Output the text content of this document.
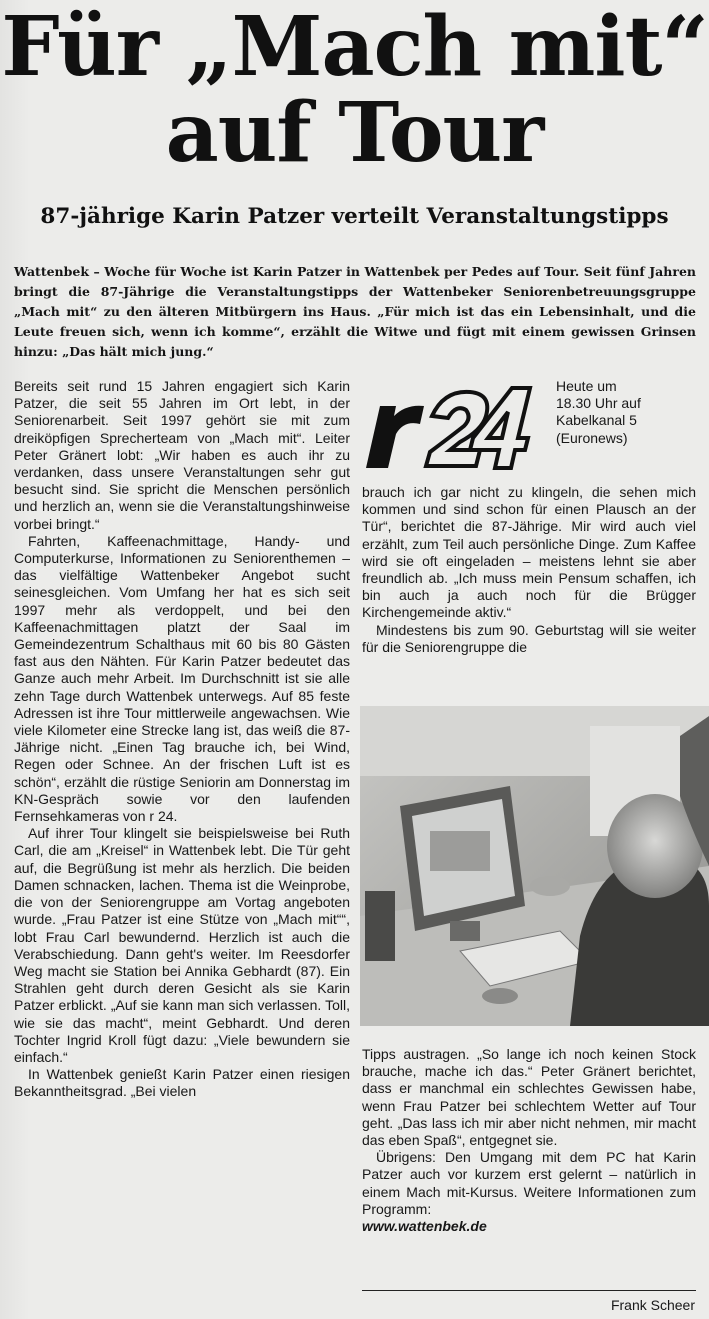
Für „Mach mit“
auf Tour
87-jährige Karin Patzer verteilt Veranstaltungstipps
Wattenbek – Woche für Woche ist Karin Patzer in Wattenbek per Pedes auf Tour. Seit fünf Jahren bringt die 87-Jährige die Veranstaltungstipps der Wattenbeker Seniorenbetreuungsgruppe „Mach mit“ zu den älteren Mitbürgern ins Haus. „Für mich ist das ein Lebensinhalt, und die Leute freuen sich, wenn ich komme“, erzählt die Witwe und fügt mit einem gewissen Grinsen hinzu: „Das hält mich jung.“

Bereits seit rund 15 Jahren engagiert sich Karin Patzer, die seit 55 Jahren im Ort lebt, in der Seniorenarbeit. Seit 1997 gehört sie mit zum dreiköpfigen Sprecherteam von „Mach mit“. Leiter Peter Gränert lobt: „Wir haben es auch ihr zu verdanken, dass unsere Veranstaltungen sehr gut besucht sind. Sie spricht die Menschen persönlich und herzlich an, wenn sie die Veranstaltungshinweise vorbei bringt.“

Fahrten, Kaffeenachmittage, Handy- und Computerkurse, Informationen zu Seniorenthemen – das vielfältige Wattenbeker Angebot sucht seinesgleichen. Vom Umfang her hat es sich seit 1997 mehr als verdoppelt, und bei den Kaffeenachmittagen platzt der Saal im Gemeindezentrum Schalthaus mit 60 bis 80 Gästen fast aus den Nähten. Für Karin Patzer bedeutet das Ganze auch mehr Arbeit. Im Durchschnitt ist sie alle zehn Tage durch Wattenbek unterwegs. Auf 85 feste Adressen ist ihre Tour mittlerweile angewachsen. Wie viele Kilometer eine Strecke lang ist, das weiß die 87-Jährige nicht. „Einen Tag brauche ich, bei Wind, Regen oder Schnee. An der frischen Luft ist es schön“, erzählt die rüstige Seniorin am Donnerstag im KN-Gespräch sowie vor den laufenden Fernsehkameras von r 24.

Auf ihrer Tour klingelt sie beispielsweise bei Ruth Carl, die am „Kreisel“ in Wattenbek lebt. Die Tür geht auf, die Begrüßung ist mehr als herzlich. Die beiden Damen schnacken, lachen. Thema ist die Weinprobe, die von der Seniorengruppe am Vortag angeboten wurde. „Frau Patzer ist eine Stütze von „Mach mit““, lobt Frau Carl bewundernd. Herzlich ist auch die Verabschiedung. Dann geht's weiter. Im Reesdorfer Weg macht sie Station bei Annika Gebhardt (87). Ein Strahlen geht durch deren Gesicht als sie Karin Patzer erblickt. „Auf sie kann man sich verlassen. Toll, wie sie das macht“, meint Gebhardt. Und deren Tochter Ingrid Kroll fügt dazu: „Viele bewundern sie einfach.“

In Wattenbek genießt Karin Patzer einen riesigen Bekanntheitsgrad. „Bei vielen

r24
Heute um
18.30 Uhr auf
Kabelkanal 5
(Euronews)

brauch ich gar nicht zu klingeln, die sehen mich kommen und sind schon für einen Plausch an der Tür“, berichtet die 87-Jährige. Mir wird auch viel erzählt, zum Teil auch persönliche Dinge. Zum Kaffee wird sie oft eingeladen – meistens lehnt sie aber freundlich ab. „Ich muss mein Pensum schaffen, ich bin auch ja auch noch für die Brügger Kirchengemeinde aktiv.“

Mindestens bis zum 90. Geburtstag will sie weiter für die Seniorengruppe die

Tipps austragen. „So lange ich noch keinen Stock brauche, mache ich das.“ Peter Gränert berichtet, dass er manchmal ein schlechtes Gewissen habe, wenn Frau Patzer bei schlechtem Wetter auf Tour geht. „Das lass ich mir aber nicht nehmen, mir macht das eben Spaß“, entgegnet sie.

Übrigens: Den Umgang mit dem PC hat Karin Patzer auch vor kurzem erst gelernt – natürlich in einem Mach mit-Kursus. Weitere Informationen zum Programm:

www.wattenbek.de

Frank Scheer
